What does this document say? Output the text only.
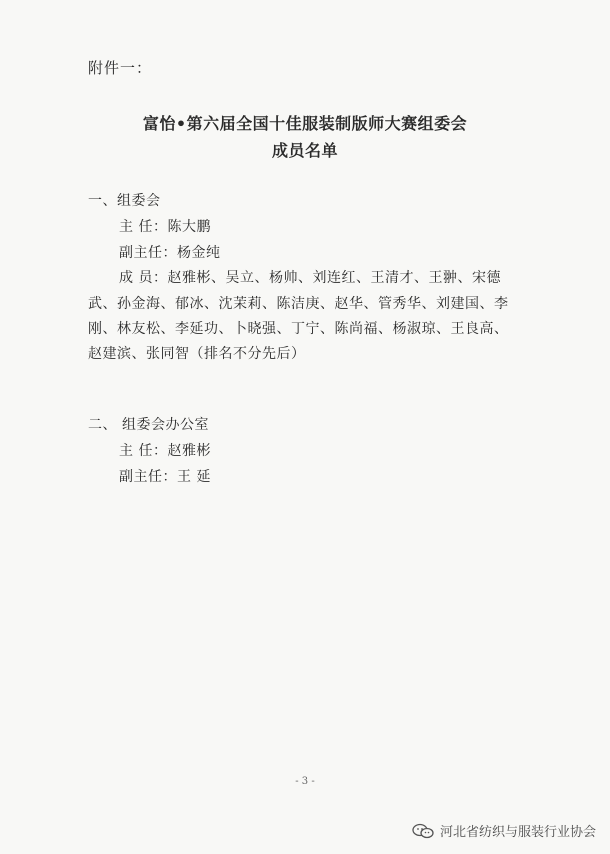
附件一：
富怡•第六届全国十佳服装制版师大赛组委会
成员名单
一、组委会
主 任：陈大鹏
副主任：杨金纯
成 员：赵雅彬、吴立、杨帅、刘连红、王清才、王翀、宋德
武、孙金海、郁冰、沈茉莉、陈洁庚、赵华、管秀华、刘建国、李
刚、林友松、李延功、卜晓强、丁宁、陈尚福、杨淑琼、王良高、
赵建滨、张同智（排名不分先后）
二、 组委会办公室
主 任：赵雅彬
副主任：王 延
- 3 -
河北省纺织与服装行业协会
